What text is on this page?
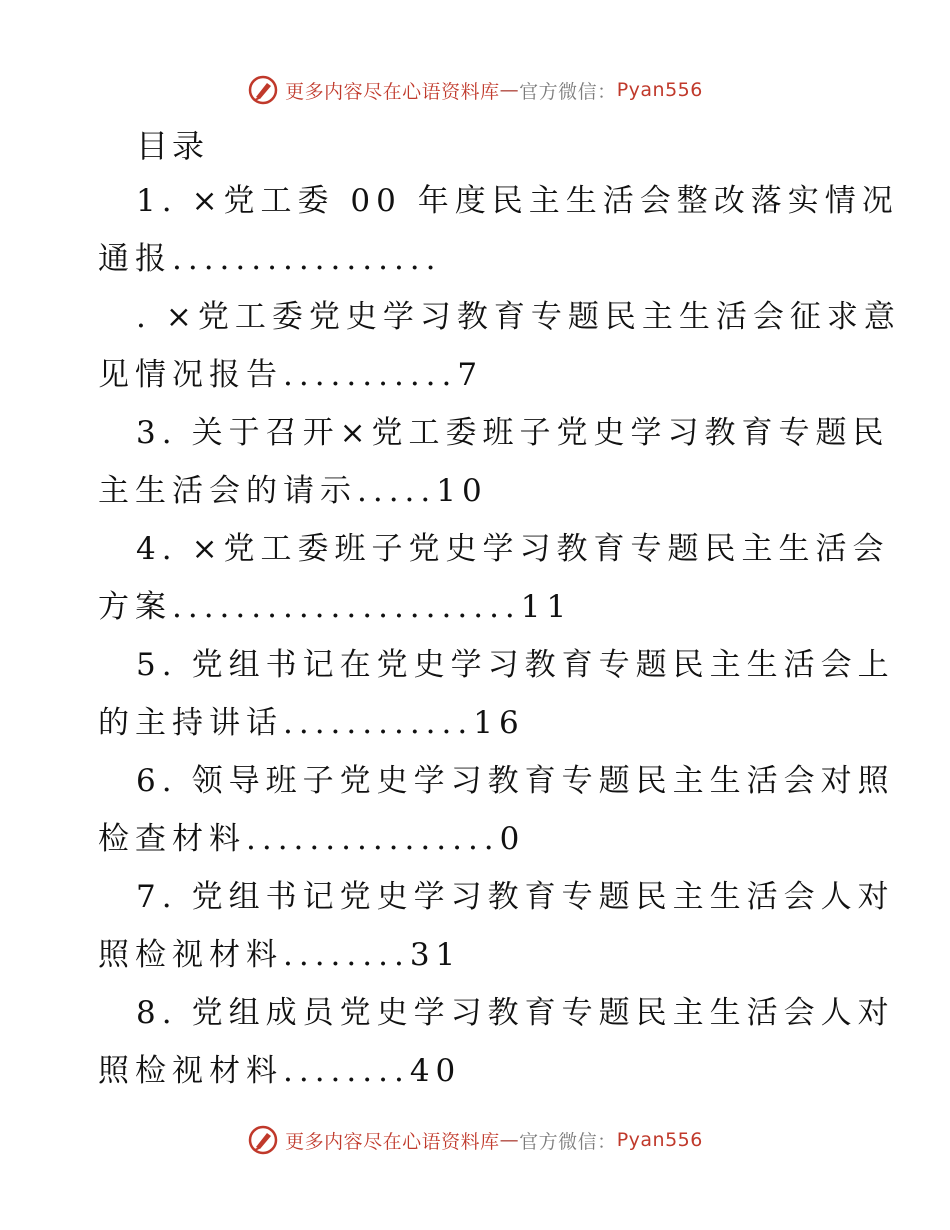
更多内容尽在心语资料库 — 官方微信： Pyan556
目录
1. ×党工委 00 年度民主生活会整改落实情况
通报.................
. ×党工委党史学习教育专题民主生活会征求意
见情况报告...........7
3. 关于召开×党工委班子党史学习教育专题民
主生活会的请示.....10
4. ×党工委班子党史学习教育专题民主生活会
方案......................11
5. 党组书记在党史学习教育专题民主生活会上
的主持讲话............16
6. 领导班子党史学习教育专题民主生活会对照
检查材料................0
7. 党组书记党史学习教育专题民主生活会人对
照检视材料........31
8. 党组成员党史学习教育专题民主生活会人对
照检视材料........40
更多内容尽在心语资料库 — 官方微信： Pyan556
